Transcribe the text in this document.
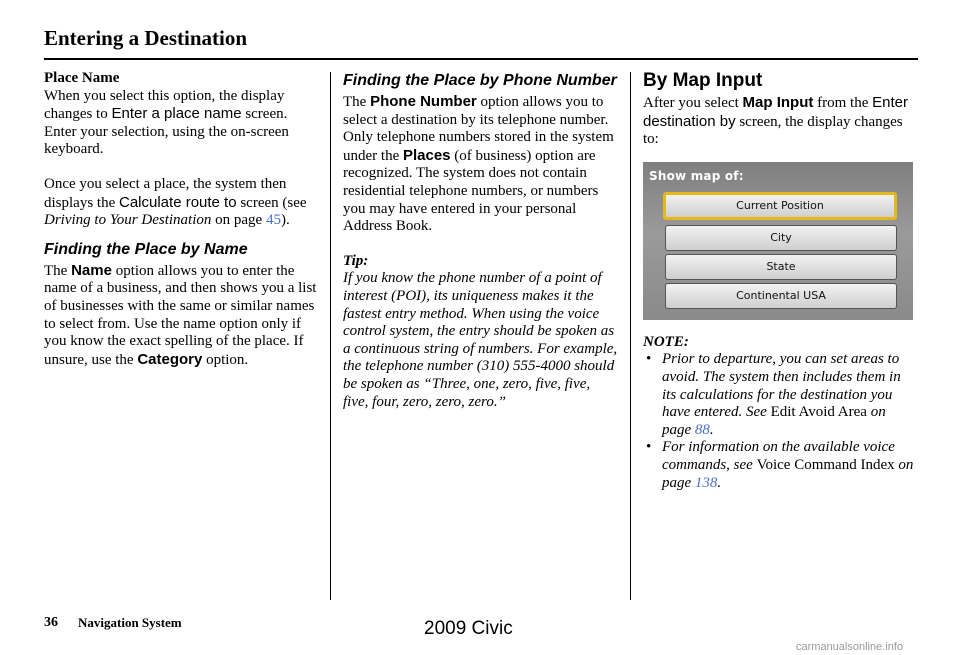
Entering a Destination

Place Name

When you select this option, the display changes to Enter a place name screen. Enter your selection, using the on-screen keyboard.

Once you select a place, the system then displays the Calculate route to screen (see Driving to Your Destination on page 45).

Finding the Place by Name

The Name option allows you to enter the name of a business, and then shows you a list of businesses with the same or similar names to select from. Use the name option only if you know the exact spelling of the place. If unsure, use the Category option.

Finding the Place by Phone Number

The Phone Number option allows you to select a destination by its telephone number. Only telephone numbers stored in the system under the Places (of business) option are recognized. The system does not contain residential telephone numbers, or numbers you may have entered in your personal Address Book.

Tip:

If you know the phone number of a point of interest (POI), its uniqueness makes it the fastest entry method. When using the voice control system, the entry should be spoken as a continuous string of numbers. For example, the telephone number (310) 555-4000 should be spoken as “Three, one, zero, five, five, five, four, zero, zero, zero.”

By Map Input

After you select Map Input from the Enter destination by screen, the display changes to:

Show map of:
Current Position
City
State
Continental USA

NOTE:

• Prior to departure, you can set areas to avoid. The system then includes them in its calculations for the destination you have entered. See Edit Avoid Area on page 88.
• For information on the available voice commands, see Voice Command Index on page 138.
36 Navigation System	2009 Civic
carmanualsonline.info
